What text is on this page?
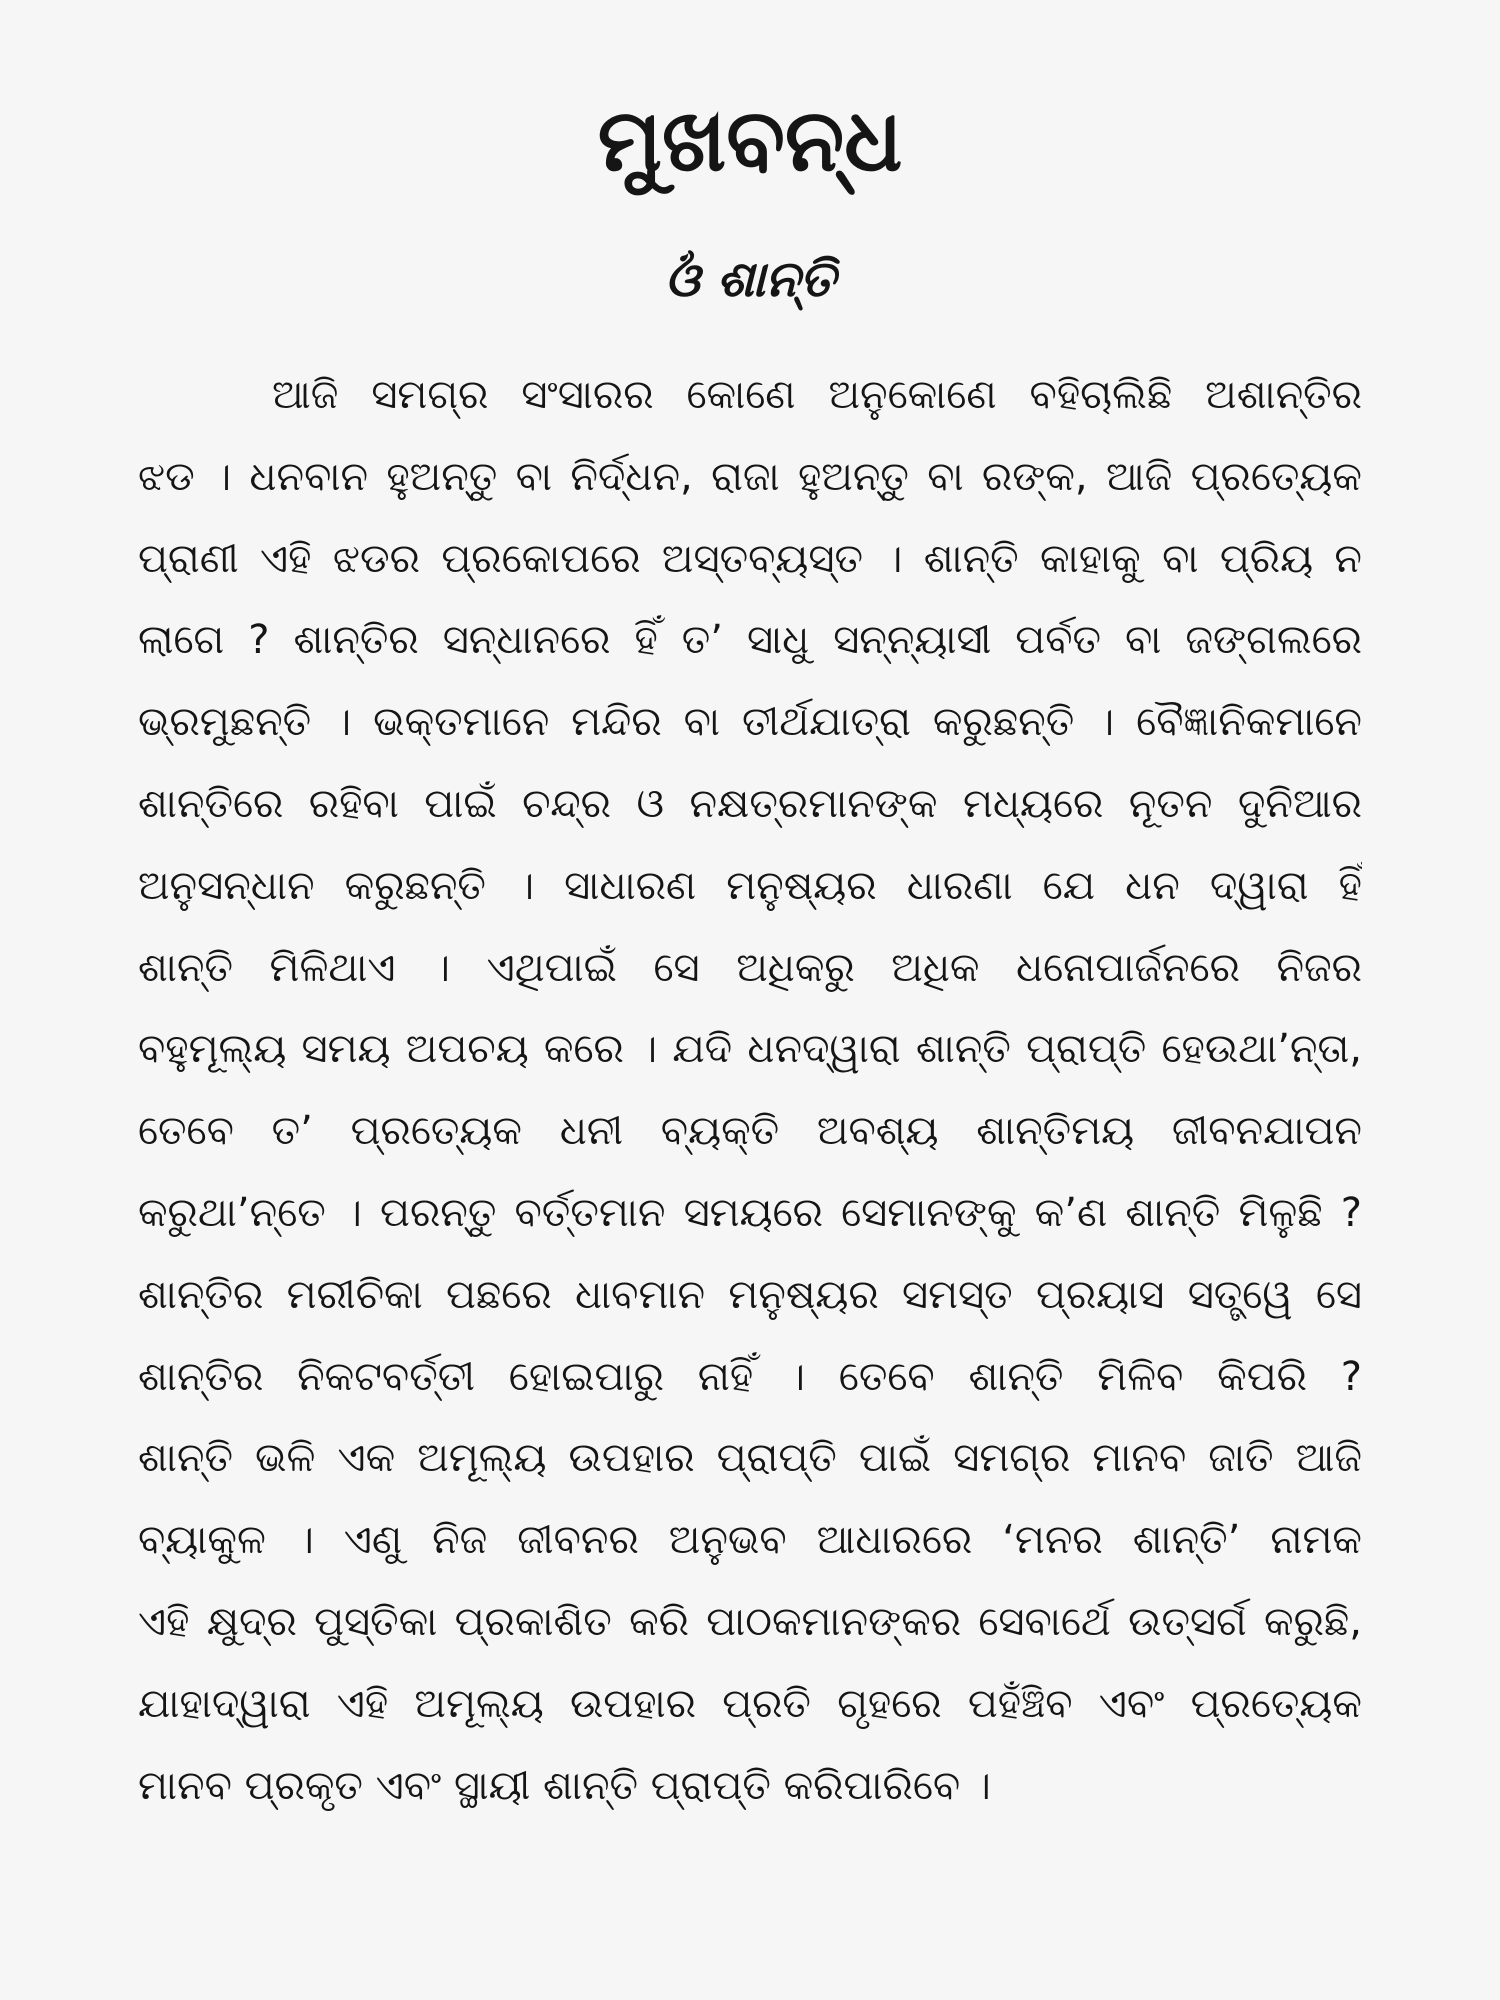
ମୁଖବନ୍ଧ
ଓଁ ଶାନ୍ତି
ଆଜି ସମଗ୍ର ସଂସାରର କୋଣେ ଅନୁକୋଣେ ବହିଚାଲିଛି ଅଶାନ୍ତିର
ଝଡ । ଧନବାନ ହୁଅନ୍ତୁ ବା ନିର୍ଦ୍ଧନ, ରାଜା ହୁଅନ୍ତୁ ବା ରଙ୍କ, ଆଜି ପ୍ରତ୍ୟେକ
ପ୍ରାଣୀ ଏହି ଝଡର ପ୍ରକୋପରେ ଅସ୍ତବ୍ୟସ୍ତ । ଶାନ୍ତି କାହାକୁ ବା ପ୍ରିୟ ନ
ଲାଗେ ? ଶାନ୍ତିର ସନ୍ଧାନରେ ହିଁ ତ’ ସାଧୁ ସନ୍ନ୍ୟାସୀ ପର୍ବତ ବା ଜଙ୍ଗଲରେ
ଭ୍ରମୁଛନ୍ତି । ଭକ୍ତମାନେ ମନ୍ଦିର ବା ତୀର୍ଥଯାତ୍ରା କରୁଛନ୍ତି । ବୈଜ୍ଞାନିକମାନେ
ଶାନ୍ତିରେ ରହିବା ପାଇଁ ଚନ୍ଦ୍ର ଓ ନକ୍ଷତ୍ରମାନଙ୍କ ମଧ୍ୟରେ ନୂତନ ଦୁନିଆର
ଅନୁସନ୍ଧାନ କରୁଛନ୍ତି । ସାଧାରଣ ମନୁଷ୍ୟର ଧାରଣା ଯେ ଧନ ଦ୍ୱାରା ହିଁ
ଶାନ୍ତି ମିଳିଥାଏ । ଏଥିପାଇଁ ସେ ଅଧିକରୁ ଅଧିକ ଧନୋପାର୍ଜନରେ ନିଜର
ବହୁମୂଲ୍ୟ ସମୟ ଅପଚୟ କରେ । ଯଦି ଧନଦ୍ୱାରା ଶାନ୍ତି ପ୍ରାପ୍ତି ହେଉଥା’ନ୍ତା,
ତେବେ ତ’ ପ୍ରତ୍ୟେକ ଧନୀ ବ୍ୟକ୍ତି ଅବଶ୍ୟ ଶାନ୍ତିମୟ ଜୀବନଯାପନ
କରୁଥା’ନ୍ତେ । ପରନ୍ତୁ ବର୍ତ୍ତମାନ ସମୟରେ ସେମାନଙ୍କୁ କ’ଣ ଶାନ୍ତି ମିଳୁଛି ?
ଶାନ୍ତିର ମରୀଚିକା ପଛରେ ଧାବମାନ ମନୁଷ୍ୟର ସମସ୍ତ ପ୍ରୟାସ ସତ୍ତ୍ୱେ ସେ
ଶାନ୍ତିର ନିକଟବର୍ତ୍ତୀ ହୋଇପାରୁ ନାହିଁ । ତେବେ ଶାନ୍ତି ମିଳିବ କିପରି ?
ଶାନ୍ତି ଭଳି ଏକ ଅମୂଲ୍ୟ ଉପହାର ପ୍ରାପ୍ତି ପାଇଁ ସମଗ୍ର ମାନବ ଜାତି ଆଜି
ବ୍ୟାକୁଳ । ଏଣୁ ନିଜ ଜୀବନର ଅନୁଭବ ଆଧାରରେ ‘ମନର ଶାନ୍ତି’ ନାମକ
ଏହି କ୍ଷୁଦ୍ର ପୁସ୍ତିକା ପ୍ରକାଶିତ କରି ପାଠକମାନଙ୍କର ସେବାର୍ଥେ ଉତ୍ସର୍ଗ କରୁଛି,
ଯାହାଦ୍ୱାରା ଏହି ଅମୂଲ୍ୟ ଉପହାର ପ୍ରତି ଗୃହରେ ପହଁଞ୍ଚିବ ଏବଂ ପ୍ରତ୍ୟେକ
ମାନବ ପ୍ରକୃତ ଏବଂ ସ୍ଥାୟୀ ଶାନ୍ତି ପ୍ରାପ୍ତି କରିପାରିବେ ।
